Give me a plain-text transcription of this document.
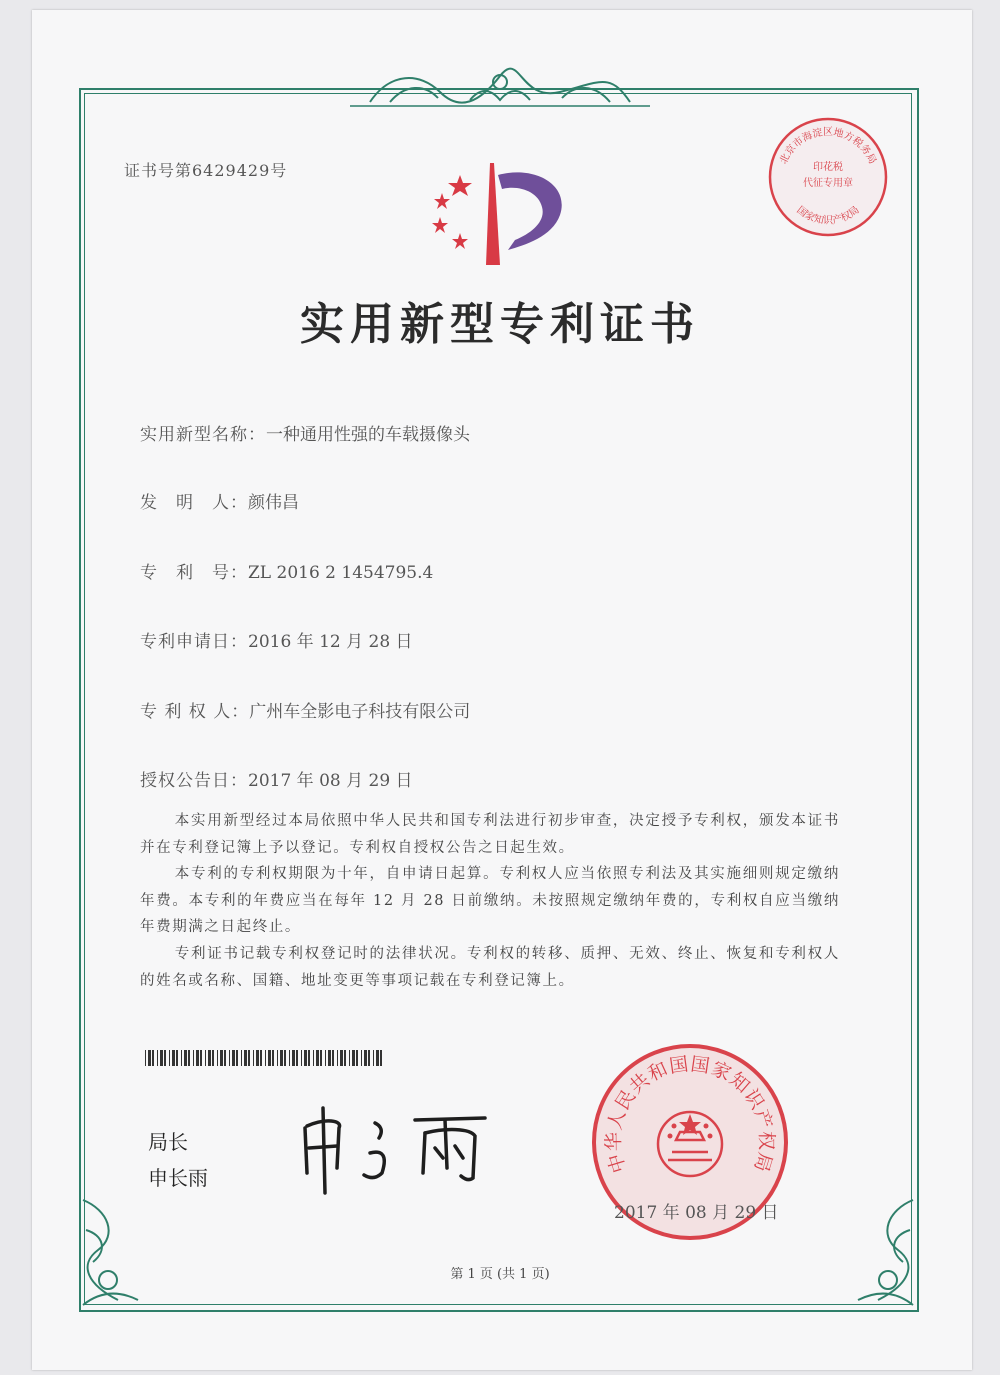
证书号第6429429号
实用新型专利证书
实用新型名称：一种通用性强的车载摄像头
发　明　人：颜伟昌
专　利　号：ZL 2016 2 1454795.4
专利申请日：2016 年 12 月 28 日
专 利 权 人：广州车全影电子科技有限公司
授权公告日：2017 年 08 月 29 日

本实用新型经过本局依照中华人民共和国专利法进行初步审查，决定授予专利权，颁发本证书并在专利登记簿上予以登记。专利权自授权公告之日起生效。

本专利的专利权期限为十年，自申请日起算。专利权人应当依照专利法及其实施细则规定缴纳年费。本专利的年费应当在每年 12 月 28 日前缴纳。未按照规定缴纳年费的，专利权自应当缴纳年费期满之日起终止。

专利证书记载专利权登记时的法律状况。专利权的转移、质押、无效、终止、恢复和专利权人的姓名或名称、国籍、地址变更等事项记载在专利登记簿上。

局长
申长雨
中华人民共和国国家知识产权局
2017 年 08 月 29 日
北京市海淀区地方税务局
国家知识产权局
印花税
代征专用章
第 1 页 (共 1 页)
